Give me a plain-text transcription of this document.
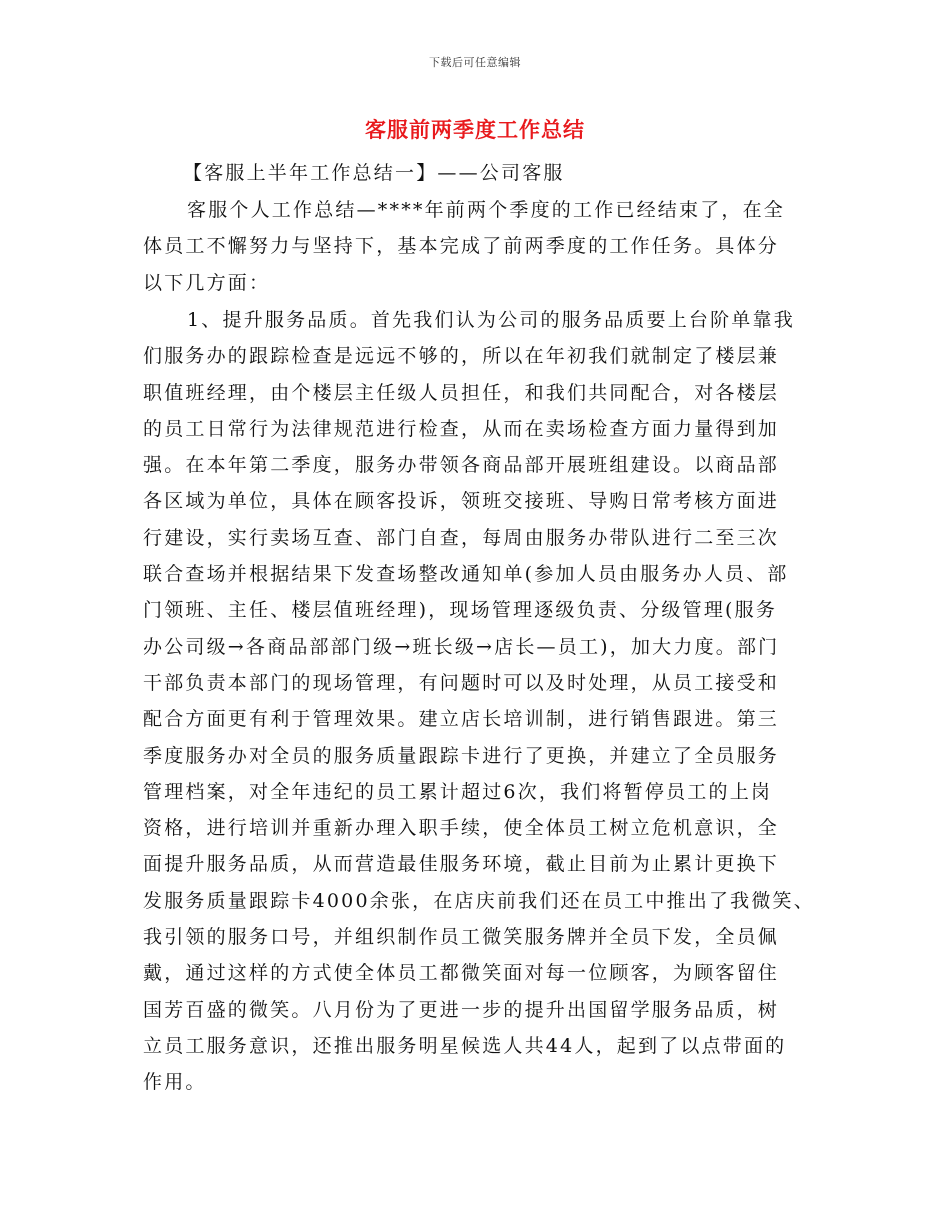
下载后可任意编辑
客服前两季度工作总结
【客服上半年工作总结一】——公司客服
客服个人工作总结—****年前两个季度的工作已经结束了，在全
体员工不懈努力与坚持下，基本完成了前两季度的工作任务。具体分
以下几方面：
1、提升服务品质。首先我们认为公司的服务品质要上台阶单靠我
们服务办的跟踪检查是远远不够的，所以在年初我们就制定了楼层兼
职值班经理，由个楼层主任级人员担任，和我们共同配合，对各楼层
的员工日常行为法律规范进行检查，从而在卖场检查方面力量得到加
强。在本年第二季度，服务办带领各商品部开展班组建设。以商品部
各区域为单位，具体在顾客投诉，领班交接班、导购日常考核方面进
行建设，实行卖场互查、部门自查，每周由服务办带队进行二至三次
联合查场并根据结果下发查场整改通知单(参加人员由服务办人员、部
门领班、主任、楼层值班经理)，现场管理逐级负责、分级管理(服务
办公司级→各商品部部门级→班长级→店长—员工)，加大力度。部门
干部负责本部门的现场管理，有问题时可以及时处理，从员工接受和
配合方面更有利于管理效果。建立店长培训制，进行销售跟进。第三
季度服务办对全员的服务质量跟踪卡进行了更换，并建立了全员服务
管理档案，对全年违纪的员工累计超过6次，我们将暂停员工的上岗
资格，进行培训并重新办理入职手续，使全体员工树立危机意识，全
面提升服务品质，从而营造最佳服务环境，截止目前为止累计更换下
发服务质量跟踪卡4000余张，在店庆前我们还在员工中推出了我微笑、
我引领的服务口号，并组织制作员工微笑服务牌并全员下发，全员佩
戴，通过这样的方式使全体员工都微笑面对每一位顾客，为顾客留住
国芳百盛的微笑。八月份为了更进一步的提升出国留学服务品质，树
立员工服务意识，还推出服务明星候选人共44人，起到了以点带面的
作用。
